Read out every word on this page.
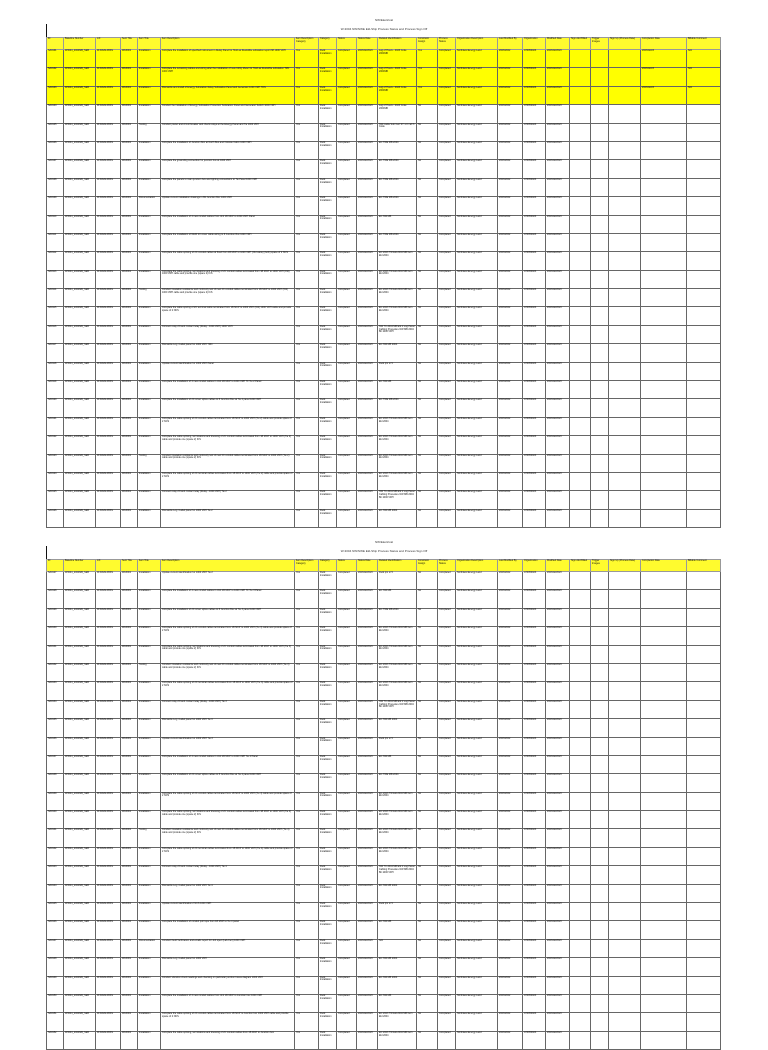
NW/Electrical
W-3004 NW/NWE Eld-Ship Process Status and Process Sign Off
ID	Baseline Number	L/F	Sent Title	Item Title	Item Description	Item Description Category	Category	Status	Status Date	Related Identification	Constraint Assign	Process Status	Organization Description	Last Modified By	Organization	Modified Date	Sign Add Billed	Trigger Images	Sign Up (Process Date)	Completion Date	Billable Comment
SA0101	W3004_2004MB_SEB	W-RA09-FBKS	WA3001	Installation	Complete the installation of specified instrument in Relay Panel for Hold as Resistible substation report 68 1000 VRH	Yes	Field Installation	Completed	2023/02/2023	Log of Hours - 2023 Code 2004MB	Yes	Completed	Northland Energy Land	2023/2022	AT0050023	2023/02/2023				2023/02/23	N/A
SA0102	W3004_2004MB_SEB	W-RA09-FBKS	WA3001	Installation	Complete the remaining cables and wiring after the installation of new Utility Meter for Hold as Resistible substation TRN 1000 VRH	Yes	Field Installation	Completed	2023/02/2023	Log of Hours - 2023 Code 2004MB	Yes	Completed	Northland Energy Land	2023/2022	AT0050023	2023/02/2023				2023/02/23	N/A
SA0103	W3004_2004MB_SEB	W-RA09-FBKS	WA3001	Installation	Dismantle and install of Energy Substation Relay Substation Panel and Generator 1000 VRH TRN	Yes	Field Installation	Completed	2023/02/2023	Log of Hours - 2023 Code 2004MB	Yes	Completed	Northland Energy Land	2023/2022	AT0050023	2023/02/2023				2023/02/23	N/A
SA0104	W3004_2004MB_SEB	W-RA09-FBKS	WA3001	Installation	Conduct the installation of Energy Substation Protection Substation Panel and Generator Switch 1000 VRH	Yes	Field Installation	Completed	2023/02/2023	Log of Hours - 2023 Code 2004MB	No	Completed	Northland Energy Land	2023/2022	AT0050023	2023/02/2023					
SA0105	W3004_2004MB_SEB	W-RA09-FBKS	WA3001	Testing	Conduct power and circuit breaker and check relays at the Energy Panel and Tie 1000 VRH	Yes	Field Installation	Completed	2023/02/2023	NW Cable Sub Cert ST 1.0 / Ell 3 Code	No	Completed	Northland Energy Land	2023/2022	AT0050023	2023/02/2023					
SA0106	W3004_2004MB_SEB	W-RA09-FBKS	WA3001	Installation	Complete the installation of Junction Box at North Bus and Outside Cabin 1000 VRH	Yes	Field Installation	Completed	2023/02/2023	EC TWE MB 2004	No	Completed	Northland Energy Land	2023/2022	AT0050023	2023/02/2023					
SA0107	W3004_2004MB_SEB	W-RA09-FBKS	WA3001	Installation	Complete the grounding connection for junction box at 1000 VRH	Yes	Field Installation	Completed	2023/02/2023	EC TWE MB 2004	No	Completed	Northland Energy Land	2023/2022	AT0050023	2023/02/2023					
SA0108	W3004_2004MB_SEB	W-RA09-FBKS	WA3001	Installation	Complete the panels to main junction box and lighting connections to Tie Panel 1000 VRH	Yes	Field Installation	Completed	2023/02/2023	EC TWE MB 2004	No	Completed	Northland Energy Land	2023/2022	AT0050023	2023/02/2023					
SA0109	W3004_2004MB_SEB	W-RA09-FBKS	WA3001	Documentation	Update current installation drawings in Bit Junction Box 1000 VRH	Yes	Field Installation	Completed	2023/02/2023	EC TWE MB 2004	No	Completed	Northland Energy Land	2023/2022	AT0050023	2023/02/2023					
SA0110	W3004_2004MB_SEB	W-RA09-FBKS	WA3001	Installation	Complete the installation of 4 new conduit cables from Unit 1B MCP to 1000 VRH Panel	Yes	Field Installation	Completed	2023/02/2023	EC NW MB	No	Completed	Northland Energy Land	2023/2022	AT0050023	2023/02/2023					
SA0111	W3004_2004MB_SEB	W-RA09-FBKS	WA3001	Installation	Complete the installation of NEW 2C cover cable wiring to 8 Junction Box 1000 VRH	Yes	Field Installation	Completed	2023/02/2023	EC TWE MB 2004	No	Completed	Northland Energy Land	2023/2022	AT0050023	2023/02/2023					
SA0112	W3004_2004MB_SEB	W-RA09-FBKS	WA3001	Installation	Complete the cable splicing of 2C conduit cables at fixed from 1B MCP to 1000 VRH (Old cable) (both) space of 2 NCS	Yes	Field Installation	Completed	2023/02/2023	EC 2023 TW Eld 2004 MB Item Eld 2004	No	Completed	Northland Energy Land	2023/2022	AT0050023	2023/02/2023					
SA0113	W3004_2004MB_SEB	W-RA09-FBKS	WA3001	Installation	Complete the cable splicing, terminations and dressing of 2C conduit cables terminated from 1B MCP to 1000 VRH (Old) 1000 VRH cable and provide one (space 2) ICS	Yes	Field Installation	Completed	2023/02/2023	EC 2023 TW Eld 2004 MB Item Eld 2004	No	Completed	Northland Energy Land	2023/2022	AT0050023	2023/02/2023					
SA0114	W3004_2004MB_SEB	W-RA09-FBKS	WA3001	Testing	Conduct Insulation resistance and continuity test of new 2C conduit cables terminated from 1B MCP to 1000 VRH (Old) 1000 VRH cable and provide one (space 2) ICS	Yes	Field Installation	Completed	2023/02/2023	EC 2023 TW Eld 2004 MB Item Eld 2004	No	Completed	Northland Energy Land	2023/2022	AT0050023	2023/02/2023					
SA0115	W3004_2004MB_SEB	W-RA09-FBKS	WA3001	Installation	Complete the cable spicing of 2C terminal cable terminated from 1B MCP to 1000 VRH (Old) 1000 VRH cable and provide space of 2 NCS	Yes	Field Installation	Completed	2023/02/2023	EC 2023 TW Eld 2004 MB Item Eld 2004	No	Completed	Northland Energy Land	2023/2022	AT0050023	2023/02/2023					
SA0116	W3004_2004MB_SEB	W-RA09-FBKS	WA3001	Installation	Connect relay 2N and contact relay (Relay - 1000 VRH) 1000 VRH	Yes	Field Installation	Completed	2023/02/2023	NW TC 2004 MB Eld 1 Log Panel Cabling Procedure NW MB 2004 Bit 1000 VRH	No	Completed	Northland Energy Land	2023/2022	AT0050023	2023/02/2023					
SA0117	W3004_2004MB_SEB	W-RA09-FBKS	WA3001	Installation	Dismantle Log / Label panel for 1000 VRH TRN	Yes	Field Installation	Completed	2023/02/2023	EC NW MB 2004	No	Completed	Northland Energy Land	2023/2022	AT0050023	2023/02/2023					
SA0118	W3004_2004MB_SEB	W-RA09-FBKS	WA3001	Installation	Update current identification for 1000 VRH Panel	Yes	Field Installation	Completed	2023/02/2023	Field pm sr 5	No	Completed	Northland Energy Land	2023/2022	AT0050023	2023/02/2023					
SA0119	W3004_2004MB_SEB	W-RA09-FBKS	WA3001	Installation	Complete the installation of 4 new conduit cables in Unit 1B MCP to 1000 VRH TF Tie 2 Panel	Yes	Field Installation	Completed	2023/02/2023	EC NW MB	No	Completed	Northland Energy Land	2023/2022	AT0050023	2023/02/2023					
SA0120	W3004_2004MB_SEB	W-RA09-FBKS	WA3001	Installation	Complete the installation of 2C cover splice cables to 8 Junction Box at Tie 2 panel 1000 VRH	Yes	Field Installation	Completed	2023/02/2023	EC TWE MB 2004	No	Completed	Northland Energy Land	2023/2022	AT0050023	2023/02/2023					
SA0121	W3004_2004MB_SEB	W-RA09-FBKS	WA3001	Installation	Complete the cable splicing of 2C conduit cables terminated from 1B MCP to 1000 VRH (Tie 2) cable and provide space of 2 NCS	Yes	Field Installation	Completed	2023/02/2023	EC 2023 TW Eld 2004 MB Item Eld 2004	No	Completed	Northland Energy Land	2023/2022	AT0050023	2023/02/2023					
SA0122	W3004_2004MB_SEB	W-RA09-FBKS	WA3001	Installation	Complete the cable splicing, terminations and dressing of 2C conduit cables terminated from 1B MCP to 1000 VRH (Tie 2) cable and provide one (space 2) ICS	Yes	Field Installation	Completed	2023/02/2023	EC 2023 TW Eld 2004 MB Item Eld 2004	No	Completed	Northland Energy Land	2023/2022	AT0050023	2023/02/2023					
SA0123	W3004_2004MB_SEB	W-RA09-FBKS	WA3001	Testing	Conduct Insulation resistance and continuity test of new 2C conduit cables terminated from 1B MCP to 1000 VRH (Tie 2) cable and provide one (space 2) ICS	Yes	Field Installation	Completed	2023/02/2023	EC 2023 TW Eld 2004 MB Item Eld 2004	No	Completed	Northland Energy Land	2023/2022	AT0050023	2023/02/2023					
SA0124	W3004_2004MB_SEB	W-RA09-FBKS	WA3001	Installation	Complete the cable splicing of 2C terminal cables terminated from 1B MCP to 1000 VRH (Tie 2) cable and provide space of 2 NCS	Yes	Field Installation	Completed	2023/02/2023	EC 2023 TW Eld 2004 MB Item Eld 2004	No	Completed	Northland Energy Land	2023/2022	AT0050023	2023/02/2023					
SA0125	W3004_2004MB_SEB	W-RA09-FBKS	WA3001	Installation	Connect relay 2N and contact relay (Relay - 1000 VRH) Tie 2	Yes	Field Installation	Completed	2023/02/2023	NW TC 2004 MB Eld 1 Log Panel Cabling Procedure NW MB 2004 Bit 1000 VRH	No	Completed	Northland Energy Land	2023/2022	AT0050023	2023/02/2023					
SA0126	W3004_2004MB_SEB	W-RA09-FBKS	WA3001	Installation	Dismantle Log / Label panel for 1000 VRH Tie 2	Yes	Field Installation	Completed	2023/02/2023	EC NW MB 2004	No	Completed	Northland Energy Land	2023/2022	AT0050023	2023/02/2023					
NW/Electrical
W-3004 NW/NWE Eld-Ship Process Status and Process Sign Off
ID	Baseline Number	L/F	Sent Title	Item Title	Item Description	Item Description Category	Category	Status	Status Date	Related Identification	Constraint Assign	Process Status	Organization Description	Last Modified By	Organization	Modified Date	Sign Add Billed	Trigger Images	Sign Up (Process Date)	Completion Date	Billable Comment
SA0127	W3004_2004MB_SEB	W-RA09-FBKS	WA3001	Installation	Update current identification for 1000 VRH Tie 2	Yes	Field Installation	Completed	2023/02/2023	Field pm sr 5	No	Completed	Northland Energy Land	2023/2022	AT0050023	2023/02/2023					
SA0128	W3004_2004MB_SEB	W-RA09-FBKS	WA3001	Installation	Complete the installation of 4 new conduit cables in Unit 1B MCP to 1000 VRH TF Tie 3 Panel	Yes	Field Installation	Completed	2023/02/2023	EC NW MB	No	Completed	Northland Energy Land	2023/2022	AT0050023	2023/02/2023					
SA0129	W3004_2004MB_SEB	W-RA09-FBKS	WA3001	Installation	Complete the installation of 2C cover splice cables to 8 Junction Box at Tie 3 panel 1000 VRH	Yes	Field Installation	Completed	2023/02/2023	EC TWE MB 2004	No	Completed	Northland Energy Land	2023/2022	AT0050023	2023/02/2023					
SA0130	W3004_2004MB_SEB	W-RA09-FBKS	WA3001	Installation	Complete the cable splicing of 2C conduit cables terminated from 1B MCP to 1000 VRH (Tie 3) cable and provide space of 2 NCS	Yes	Field Installation	Completed	2023/02/2023	EC 2023 TW Eld 2004 MB Item Eld 2004	No	Completed	Northland Energy Land	2023/2022	AT0050023	2023/02/2023					
SA0131	W3004_2004MB_SEB	W-RA09-FBKS	WA3001	Installation	Complete the cable splicing, terminations and dressing of 2C conduit cables terminated from 1B MCP to 1000 VRH (Tie 3) cable and provide one (space 2) ICS	Yes	Field Installation	Completed	2023/02/2023	EC 2023 TW Eld 2004 MB Item Eld 2004	No	Completed	Northland Energy Land	2023/2022	AT0050023	2023/02/2023					
SA0132	W3004_2004MB_SEB	W-RA09-FBKS	WA3001	Testing	Conduct Insulation resistance and continuity test of new 2C conduit cables terminated from 1B MCP to 1000 VRH (Tie 3) cable and provide one (space 2) ICS	Yes	Field Installation	Completed	2023/02/2023	EC 2023 TW Eld 2004 MB Item Eld 2004	No	Completed	Northland Energy Land	2023/2022	AT0050023	2023/02/2023					
SA0133	W3004_2004MB_SEB	W-RA09-FBKS	WA3001	Installation	Complete the cable splicing of 2C terminal cables terminated from 1B MCP to 1000 VRH (Tie 3) cable and provide space of 2 NCS	Yes	Field Installation	Completed	2023/02/2023	EC 2023 TW Eld 2004 MB Item Eld 2004	No	Completed	Northland Energy Land	2023/2022	AT0050023	2023/02/2023					
SA0134	W3004_2004MB_SEB	W-RA09-FBKS	WA3001	Installation	Connect relay 2N and contact relay (Relay - 1000 VRH) Tie 3	Yes	Field Installation	Completed	2023/02/2023	NW TC 2004 MB Eld 1 Log Panel Cabling Procedure NW MB 2004 Bit 1000 VRH	No	Completed	Northland Energy Land	2023/2022	AT0050023	2023/02/2023					
SA0135	W3004_2004MB_SEB	W-RA09-FBKS	WA3001	Installation	Dismantle Log / Label panel for 1000 VRH Tie 3	Yes	Field Installation	Completed	2023/02/2023	EC NW MB 2004	No	Completed	Northland Energy Land	2023/2022	AT0050023	2023/02/2023					
SA0136	W3004_2004MB_SEB	W-RA09-FBKS	WA3001	Installation	Update current identification for 1000 VRH Tie 3	Yes	Field Installation	Completed	2023/02/2023	Field pm sr 5	No	Completed	Northland Energy Land	2023/2022	AT0050023	2023/02/2023					
SA0137	W3004_2004MB_SEB	W-RA09-FBKS	WA3001	Installation	Complete the installation of 4 new conduit cables in Unit 1B MCP to 1000 VRH Tie 4 Panel	Yes	Field Installation	Completed	2023/02/2023	EC NW MB	No	Completed	Northland Energy Land	2023/2022	AT0050023	2023/02/2023					
SA0138	W3004_2004MB_SEB	W-RA09-FBKS	WA3001	Installation	Complete the installation of 2C cover splice cables to 8 Junction Box at Tie 4 panel 1000 VRH	Yes	Field Installation	Completed	2023/02/2023	EC TWE MB 2004	No	Completed	Northland Energy Land	2023/2022	AT0050023	2023/02/2023					
SA0139	W3004_2004MB_SEB	W-RA09-FBKS	WA3001	Installation	Complete the cable splicing of 2C conduit cables terminated from 1B MCP to 1000 VRH (Tie 4) cable and provide space of 2 NCS	Yes	Field Installation	Completed	2023/02/2023	EC 2023 TW Eld 2004 MB Item Eld 2004	No	Completed	Northland Energy Land	2023/2022	AT0050023	2023/02/2023					
SA0140	W3004_2004MB_SEB	W-RA09-FBKS	WA3001	Installation	Complete the cable splicing, terminations and dressing of 2C conduit cables terminated from 1B MCP to 1000 VRH (Tie 4) cable and provide one (space 2) ICS	Yes	Field Installation	Completed	2023/02/2023	EC 2023 TW Eld 2004 MB Item Eld 2004	No	Completed	Northland Energy Land	2023/2022	AT0050023	2023/02/2023					
SA0141	W3004_2004MB_SEB	W-RA09-FBKS	WA3001	Testing	Conduct Insulation resistance and continuity test of new 2C conduit cables terminated from 1B MCP to 1000 VRH (Tie 4) cable and provide one (space 2) ICS	Yes	Field Installation	Completed	2023/02/2023	EC 2023 TW Eld 2004 MB Item Eld 2004	No	Completed	Northland Energy Land	2023/2022	AT0050023	2023/02/2023					
SA0142	W3004_2004MB_SEB	W-RA09-FBKS	WA3001	Installation	Complete the cable splicing of 2C terminal cables terminated from 1B MCP to 1000 VRH (Tie 4) cable and provide space of 2 NCS	Yes	Field Installation	Completed	2023/02/2023	EC 2023 TW Eld 2004 MB Item Eld 2004	No	Completed	Northland Energy Land	2023/2022	AT0050023	2023/02/2023					
SA0143	W3004_2004MB_SEB	W-RA09-FBKS	WA3001	Installation	Connect relay 2N and contact relay (Relay - 1000 VRH) Tie 4	Yes	Field Installation	Completed	2023/02/2023	NW TC 2004 MB Eld 1 Log Panel Cabling Procedure NW MB 2004 Bit 1000 VRH	No	Completed	Northland Energy Land	2023/2022	AT0050023	2023/02/2023					
SA0144	W3004_2004MB_SEB	W-RA09-FBKS	WA3001	Installation	Dismantle Log / Label panel for 1000 VRH Tie 4	Yes	Field Installation	Completed	2023/02/2023	EC NW MB 2004	No	Completed	Northland Energy Land	2023/2022	AT0050023	2023/02/2023					
SA0145	W3004_2004MB_SEB	W-RA09-FBKS	WA3001	Installation	Update current identification 2 NCS 1000 VRH	Yes	Field Installation	Completed	2023/02/2023	Field pm sr 5	No	Completed	Northland Energy Land	2023/2022	AT0050023	2023/02/2023					
SA0146	W3004_2004MB_SEB	W-RA09-FBKS	WA3001	Installation	Complete the installation of conduit pull rope from 1B MCP to Tie 4 panel	Yes	Field Installation	Completed	2023/02/2023	EC NW MB	No	Completed	Northland Energy Land	2023/2022	AT0050023	2023/02/2023					
SA0147	W3004_2004MB_SEB	W-RA09-FBKS	WA3001	Documentation	Conduct Field Verification and emails report for Job spec (Lab-Cert) 1000 VRH	Yes	Field Installation	Completed	2023/02/2023	N/A	No	Completed	Northland Energy Land	2023/2022	AT0050023	2023/02/2023					
SA0148	W3004_2004MB_SEB	W-RA09-FBKS	WA3001	Installation	Dismantle Log / Label panel for 1000 VRH	Yes	Field Installation	Completed	2023/02/2023	EC NW MB 2004	No	Completed	Northland Energy Land	2023/2022	AT0050023	2023/02/2023					
SA0149	W3004_2004MB_SEB	W-RA09-FBKS	WA3001	Installation	Conduct vibration check readings and checking on particular junction boxes diagram 1000 VRH	Yes	Field Installation	Completed	2023/02/2023	EC NW MB 2004	No	Completed	Northland Energy Land	2023/2022	AT0050023	2023/02/2023					
SA0150	W3004_2004MB_SEB	W-RA09-FBKS	WA3001	Installation	Complete the installation of 4 new conduit cables from Unit 1B MCP to Junction box 1000 VRH	Yes	Field Installation	Completed	2023/02/2023	EC NW MB	No	Completed	Northland Energy Land	2023/2022	AT0050023	2023/02/2023					
SA0151	W3004_2004MB_SEB	W-RA09-FBKS	WA3001	Installation	Complete the cable splicing of 2C conduit cables terminated from 1B MCP to Junction box 1000 VRH cable and provide space of 2 NCS	Yes	Field Installation	Completed	2023/02/2023	EC 2023 TW Eld 2004 MB Item Eld 2004	No	Completed	Northland Energy Land	2023/2022	AT0050023	2023/02/2023					
SA0152	W3004_2004MB_SEB	W-RA09-FBKS	WA3001	Installation	Complete the cable splicing, terminations and dressing of 2C conduit cables from 1B MCP to Junction box	Yes	Field Installation	Completed	2023/02/2023	EC 2023 TW Eld 2004 MB Item Eld 2004	No	Completed	Northland Energy Land	2023/2022	AT0050023	2023/02/2023					
